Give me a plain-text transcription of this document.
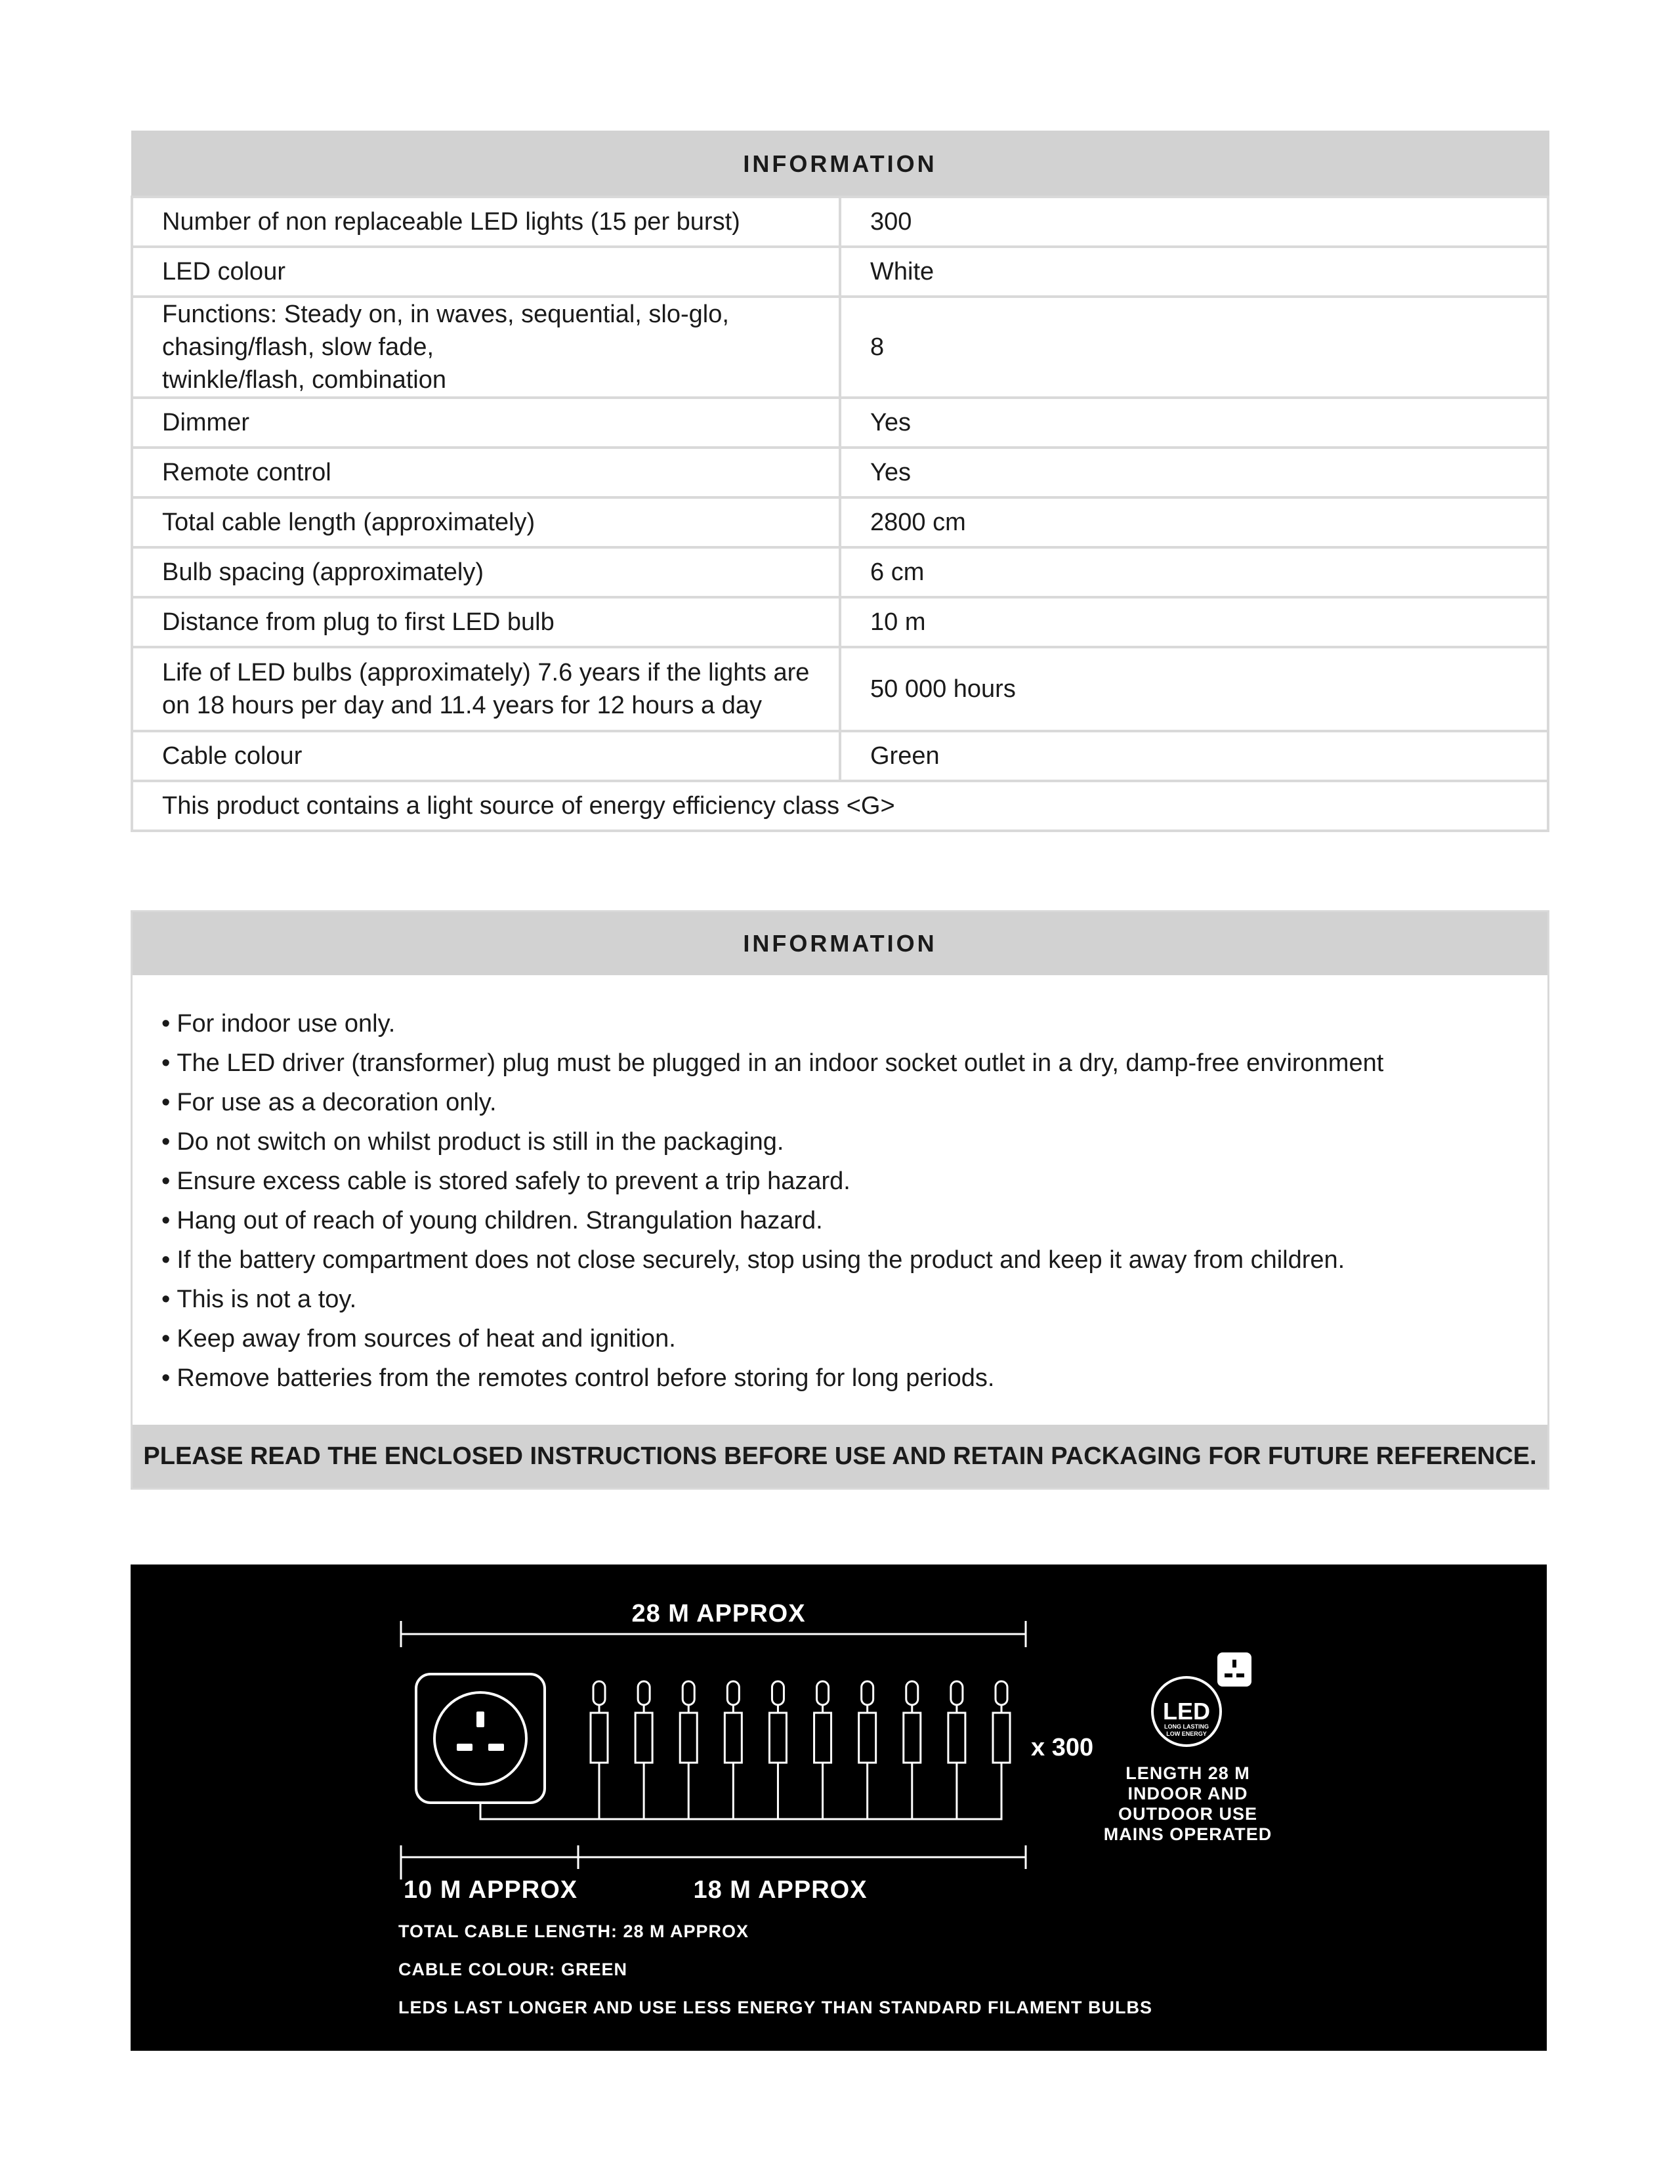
INFORMATION	
Number of non replaceable LED lights (15 per burst)	300
LED colour	White
Functions: Steady on, in waves, sequential, slo-glo, chasing/flash, slow fade,
twinkle/flash, combination	8
Dimmer	Yes
Remote control	Yes
Total cable length (approximately)	2800 cm
Bulb spacing (approximately)	6 cm
Distance from plug to first LED bulb	10 m
Life of LED bulbs (approximately) 7.6 years if the lights are
on 18 hours per day and 11.4 years for 12 hours a day	50 000 hours
Cable colour	Green
This product contains a light source of energy efficiency class <G>	
INFORMATION
• For indoor use only.
• The LED driver (transformer) plug must be plugged in an indoor socket outlet in a dry, damp-free environment
• For use as a decoration only.
• Do not switch on whilst product is still in the packaging.
• Ensure excess cable is stored safely to prevent a trip hazard.
• Hang out of reach of young children. Strangulation hazard.
• If the battery compartment does not close securely, stop using the product and keep it away from children.
• This is not a toy.
• Keep away from sources of heat and ignition.
• Remove batteries from the remotes control before storing for long periods.
PLEASE READ THE ENCLOSED INSTRUCTIONS BEFORE USE AND RETAIN PACKAGING FOR FUTURE REFERENCE.
28 M APPROX
x 300
10 M APPROX	18 M APPROX
LED
LONG LASTING
LOW ENERGY
LENGTH 28 M
INDOOR AND
OUTDOOR USE
MAINS OPERATED
TOTAL CABLE LENGTH: 28 M APPROX
CABLE COLOUR: GREEN
LEDS LAST LONGER AND USE LESS ENERGY THAN STANDARD FILAMENT BULBS
